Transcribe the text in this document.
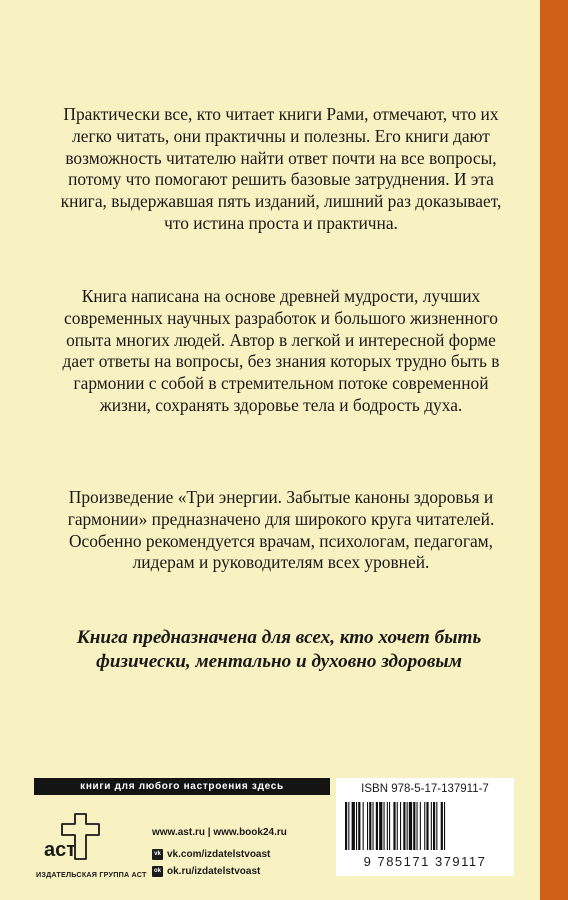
Практически все, кто читает книги Рами, отмечают, что их легко читать, они практичны и полезны. Его книги дают возможность читателю найти ответ почти на все вопросы, потому что помогают решить базовые затруднения. И эта книга, выдержавшая пять изданий, лишний раз доказывает, что истина проста и практична.

Книга написана на основе древней мудрости, лучших современных научных разработок и большого жизненного опыта многих людей. Автор в легкой и интересной форме дает ответы на вопросы, без знания которых трудно быть в гармонии с собой в стремительном потоке современной жизни, сохранять здоровье тела и бодрость духа.

Произведение «Три энергии. Забытые каноны здоровья и гармонии» предназначено для широкого круга читателей. Особенно рекомендуется врачам, психологам, педагогам, лидерам и руководителям всех уровней.

Книга предназначена для всех, кто хочет быть физически, ментально и духовно здоровым

книги для любого настроения здесь
аст
ИЗДАТЕЛЬСКАЯ ГРУППА АСТ
www.ast.ru | www.book24.ru
vk vk.com/izdatelstvoast
ok ok.ru/izdatelstvoast
ISBN 978-5-17-137911-7
9 785171 379117
